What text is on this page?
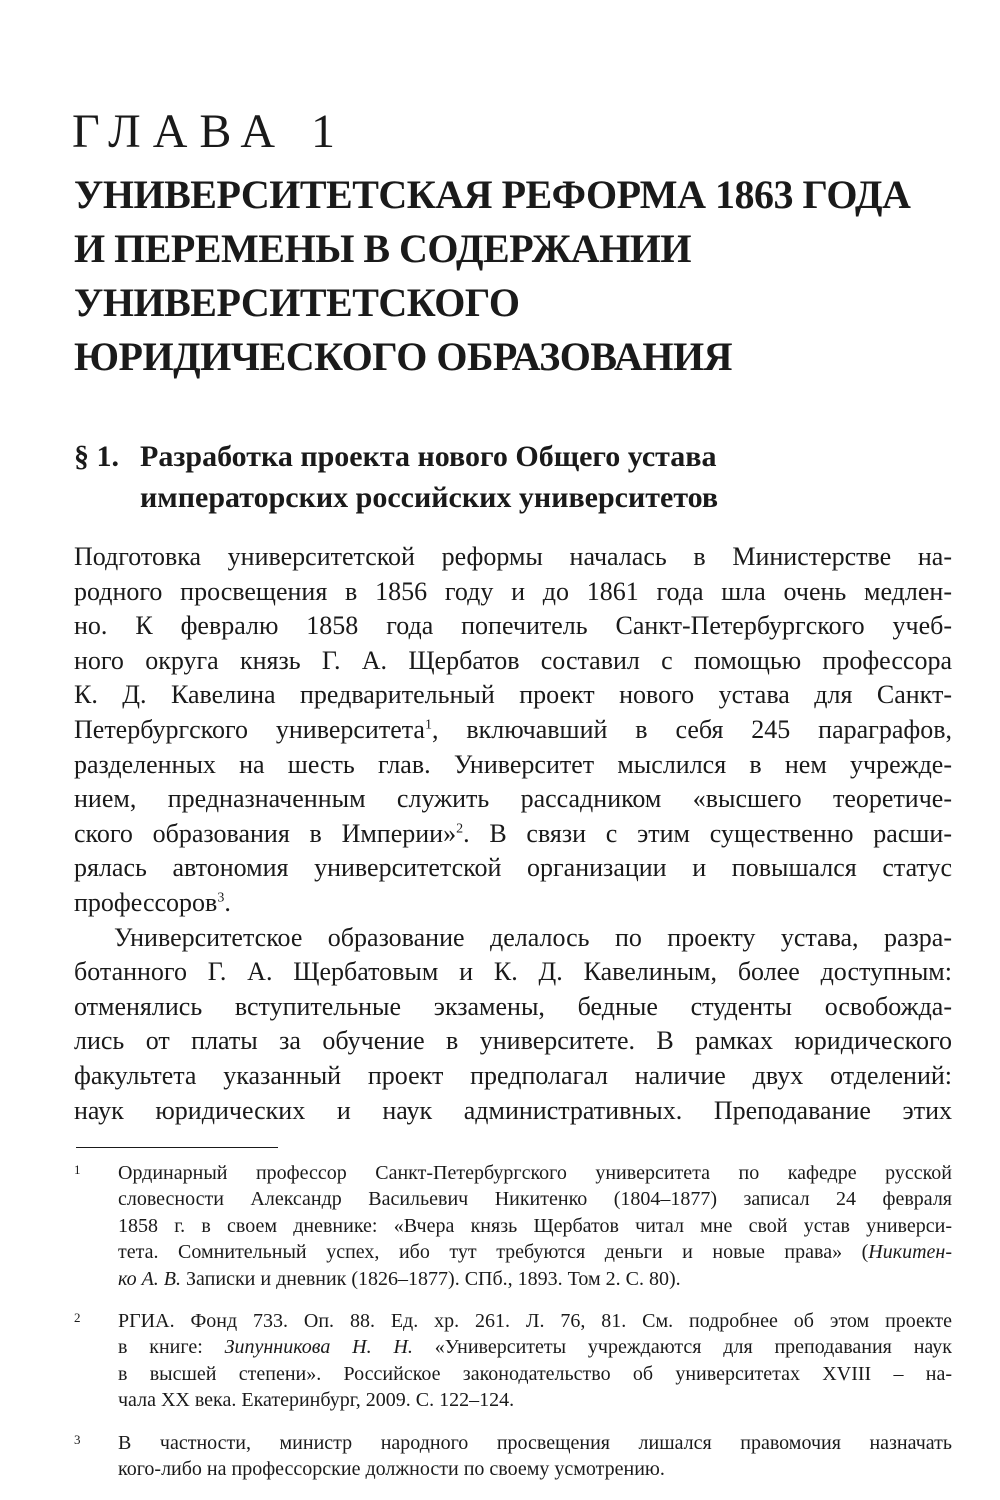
ГЛАВА 1
УНИВЕРСИТЕТСКАЯ РЕФОРМА 1863 ГОДА
И ПЕРЕМЕНЫ В СОДЕРЖАНИИ
УНИВЕРСИТЕТСКОГО
ЮРИДИЧЕСКОГО ОБРАЗОВАНИЯ
§ 1. Разработка проекта нового Общего устава
императорских российских университетов
Подготовка университетской реформы началась в Министерстве на-
родного просвещения в 1856 году и до 1861 года шла очень медлен-
но. К февралю 1858 года попечитель Санкт-Петербургского учеб-
ного округа князь Г. А. Щербатов составил с помощью профессора
К. Д. Кавелина предварительный проект нового устава для Санкт-
Петербургского университета$^1$, включавший в себя 245 параграфов,
разделенных на шесть глав. Университет мыслился в нем учрежде-
нием, предназначенным служить рассадником «высшего теоретиче-
ского образования в Империи»$^2$. В связи с этим существенно расши-
рялась автономия университетской организации и повышался статус
профессоров$^3$.
Университетское образование делалось по проекту устава, разра-
ботанного Г. А. Щербатовым и К. Д. Кавелиным, более доступным:
отменялись вступительные экзамены, бедные студенты освобожда-
лись от платы за обучение в университете. В рамках юридического
факультета указанный проект предполагал наличие двух отделений:
наук юридических и наук административных. Преподавание этих
1 Ординарный профессор Санкт-Петербургского университета по кафедре русской
словесности Александр Васильевич Никитенко (1804–1877) записал 24 февраля
1858 г. в своем дневнике: «Вчера князь Щербатов читал мне свой устав универси-
тета. Сомнительный успех, ибо тут требуются деньги и новые права» (Никитен-
ко А. В. Записки и дневник (1826–1877). СПб., 1893. Том 2. С. 80).
2 РГИА. Фонд 733. Оп. 88. Ед. хр. 261. Л. 76, 81. См. подробнее об этом проекте
в книге: Зипунникова Н. Н. «Университеты учреждаются для преподавания наук
в высшей степени». Российское законодательство об университетах XVIII – на-
чала XX века. Екатеринбург, 2009. С. 122–124.
3 В частности, министр народного просвещения лишался правомочия назначать
кого-либо на профессорские должности по своему усмотрению.
